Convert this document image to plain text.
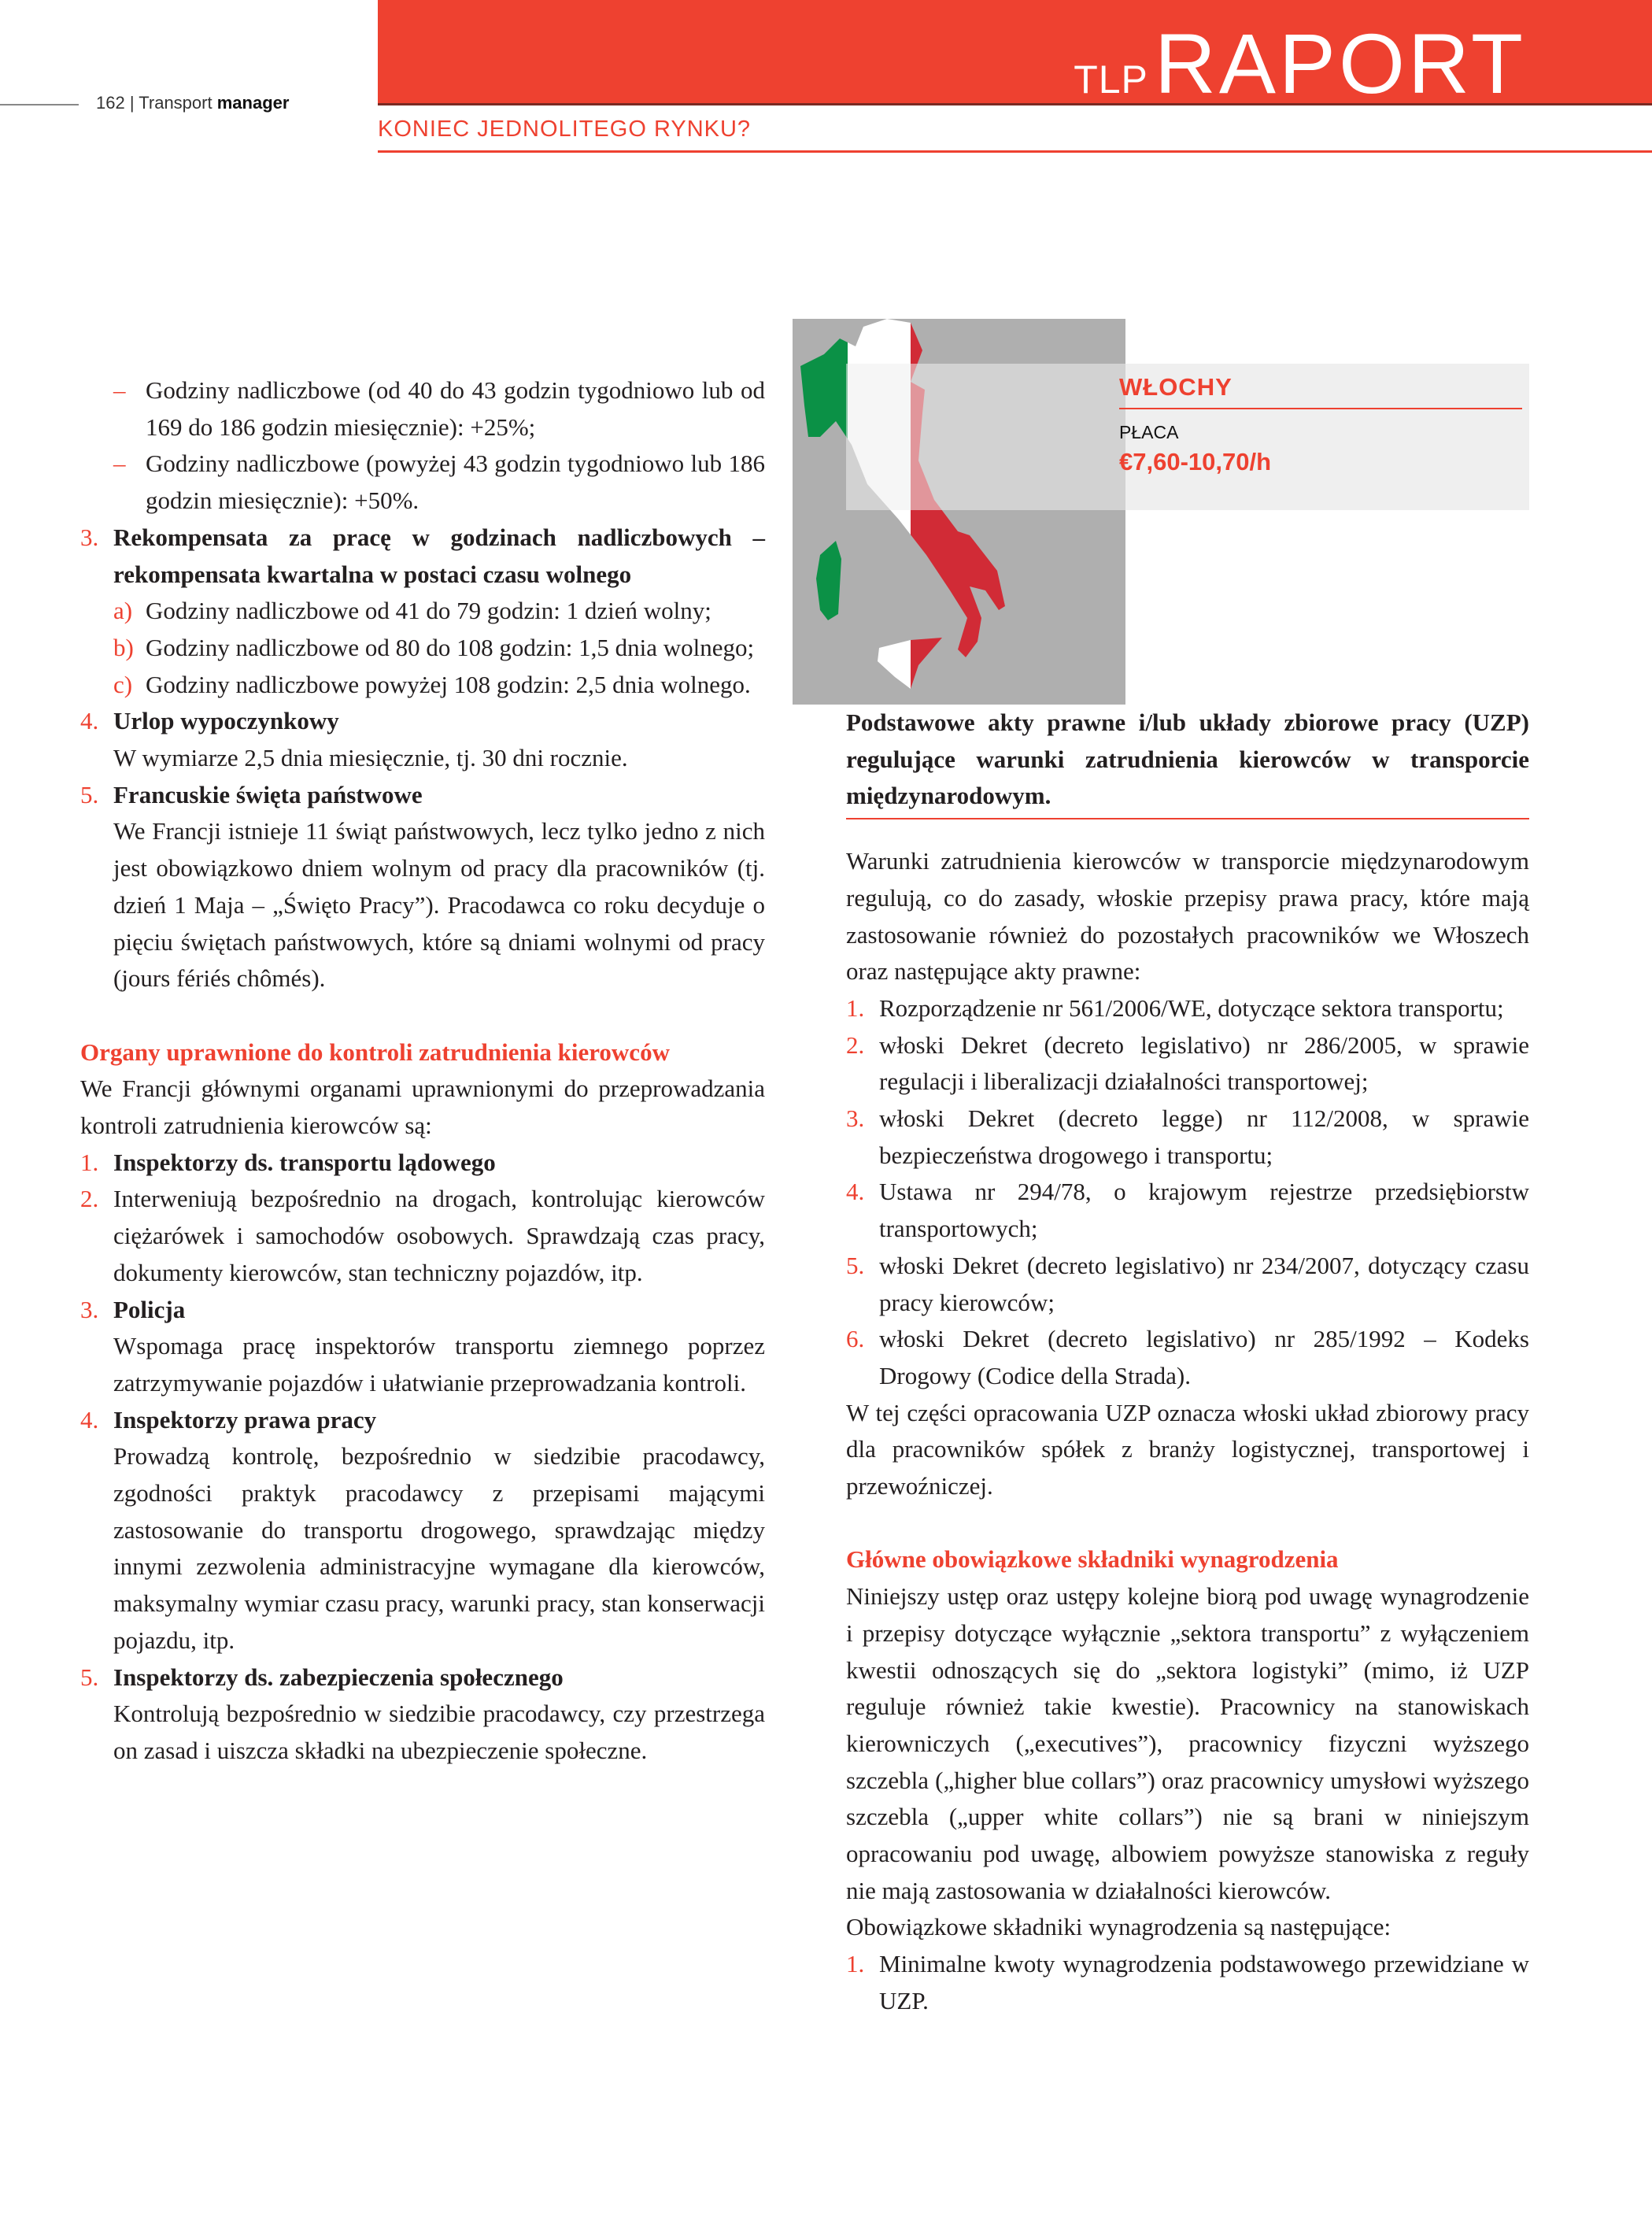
TLPRAPORT
162 | Transport manager
KONIEC JEDNOLITEGO RYNKU?
WŁOCHY
PŁACA
€7,60-10,70/h
– Godziny nadliczbowe (od 40 do 43 godzin tygodniowo lub od 169 do 186 godzin miesięcznie): +25%;
– Godziny nadliczbowe (powyżej 43 godzin tygodniowo lub 186 godzin miesięcznie): +50%.
3. Rekompensata za pracę w godzinach nadliczbowych – rekompensata kwartalna w postaci czasu wolnego
a) Godziny nadliczbowe od 41 do 79 godzin: 1 dzień wolny;
b) Godziny nadliczbowe od 80 do 108 godzin: 1,5 dnia wolnego;
c) Godziny nadliczbowe powyżej 108 godzin: 2,5 dnia wolnego.
4. Urlop wypoczynkowy
W wymiarze 2,5 dnia miesięcznie, tj. 30 dni rocznie.
5. Francuskie święta państwowe
We Francji istnieje 11 świąt państwowych, lecz tylko jedno z nich jest obowiązkowo dniem wolnym od pracy dla pracowników (tj. dzień 1 Maja – „Święto Pracy”). Pracodawca co roku decyduje o pięciu świętach państwowych, które są dniami wolnymi od pracy (jours fériés chômés).

Organy uprawnione do kontroli zatrudnienia kierowców

We Francji głównymi organami uprawnionymi do przeprowadzania kontroli zatrudnienia kierowców są:

1. Inspektorzy ds. transportu lądowego
2. Interweniują bezpośrednio na drogach, kontrolując kierowców ciężarówek i samochodów osobowych. Sprawdzają czas pracy, dokumenty kierowców, stan techniczny pojazdów, itp.
3. Policja
Wspomaga pracę inspektorów transportu ziemnego poprzez zatrzymywanie pojazdów i ułatwianie przeprowadzania kontroli.
4. Inspektorzy prawa pracy
Prowadzą kontrolę, bezpośrednio w siedzibie pracodawcy, zgodności praktyk pracodawcy z przepisami mającymi zastosowanie do transportu drogowego, sprawdzając między innymi zezwolenia administracyjne wymagane dla kierowców, maksymalny wymiar czasu pracy, warunki pracy, stan konserwacji pojazdu, itp.
5. Inspektorzy ds. zabezpieczenia społecznego
Kontrolują bezpośrednio w siedzibie pracodawcy, czy przestrzega on zasad i uiszcza składki na ubezpieczenie społeczne.

Podstawowe akty prawne i/lub układy zbiorowe pracy (UZP) regulujące warunki zatrudnienia kierowców w transporcie międzynarodowym.

Warunki zatrudnienia kierowców w transporcie międzynarodowym regulują, co do zasady, włoskie przepisy prawa pracy, które mają zastosowanie również do pozostałych pracowników we Włoszech oraz następujące akty prawne:

1. Rozporządzenie nr 561/2006/WE, dotyczące sektora transportu;
2. włoski Dekret (decreto legislativo) nr 286/2005, w sprawie regulacji i liberalizacji działalności transportowej;
3. włoski Dekret (decreto legge) nr 112/2008, w sprawie bezpieczeństwa drogowego i transportu;
4. Ustawa nr 294/78, o krajowym rejestrze przedsiębiorstw transportowych;
5. włoski Dekret (decreto legislativo) nr 234/2007, dotyczący czasu pracy kierowców;
6. włoski Dekret (decreto legislativo) nr 285/1992 – Kodeks Drogowy (Codice della Strada).

W tej części opracowania UZP oznacza włoski układ zbiorowy pracy dla pracowników spółek z branży logistycznej, transportowej i przewoźniczej.

Główne obowiązkowe składniki wynagrodzenia

Niniejszy ustęp oraz ustępy kolejne biorą pod uwagę wynagrodzenie i przepisy dotyczące wyłącznie „sektora transportu” z wyłączeniem kwestii odnoszących się do „sektora logistyki” (mimo, iż UZP reguluje również takie kwestie). Pracownicy na stanowiskach kierowniczych („executives”), pracownicy fizyczni wyższego szczebla („higher blue collars”) oraz pracownicy umysłowi wyższego szczebla („upper white collars”) nie są brani w niniejszym opracowaniu pod uwagę, albowiem powyższe stanowiska z reguły nie mają zastosowania w działalności kierowców.

Obowiązkowe składniki wynagrodzenia są następujące:

1. Minimalne kwoty wynagrodzenia podstawowego przewidziane w UZP.
